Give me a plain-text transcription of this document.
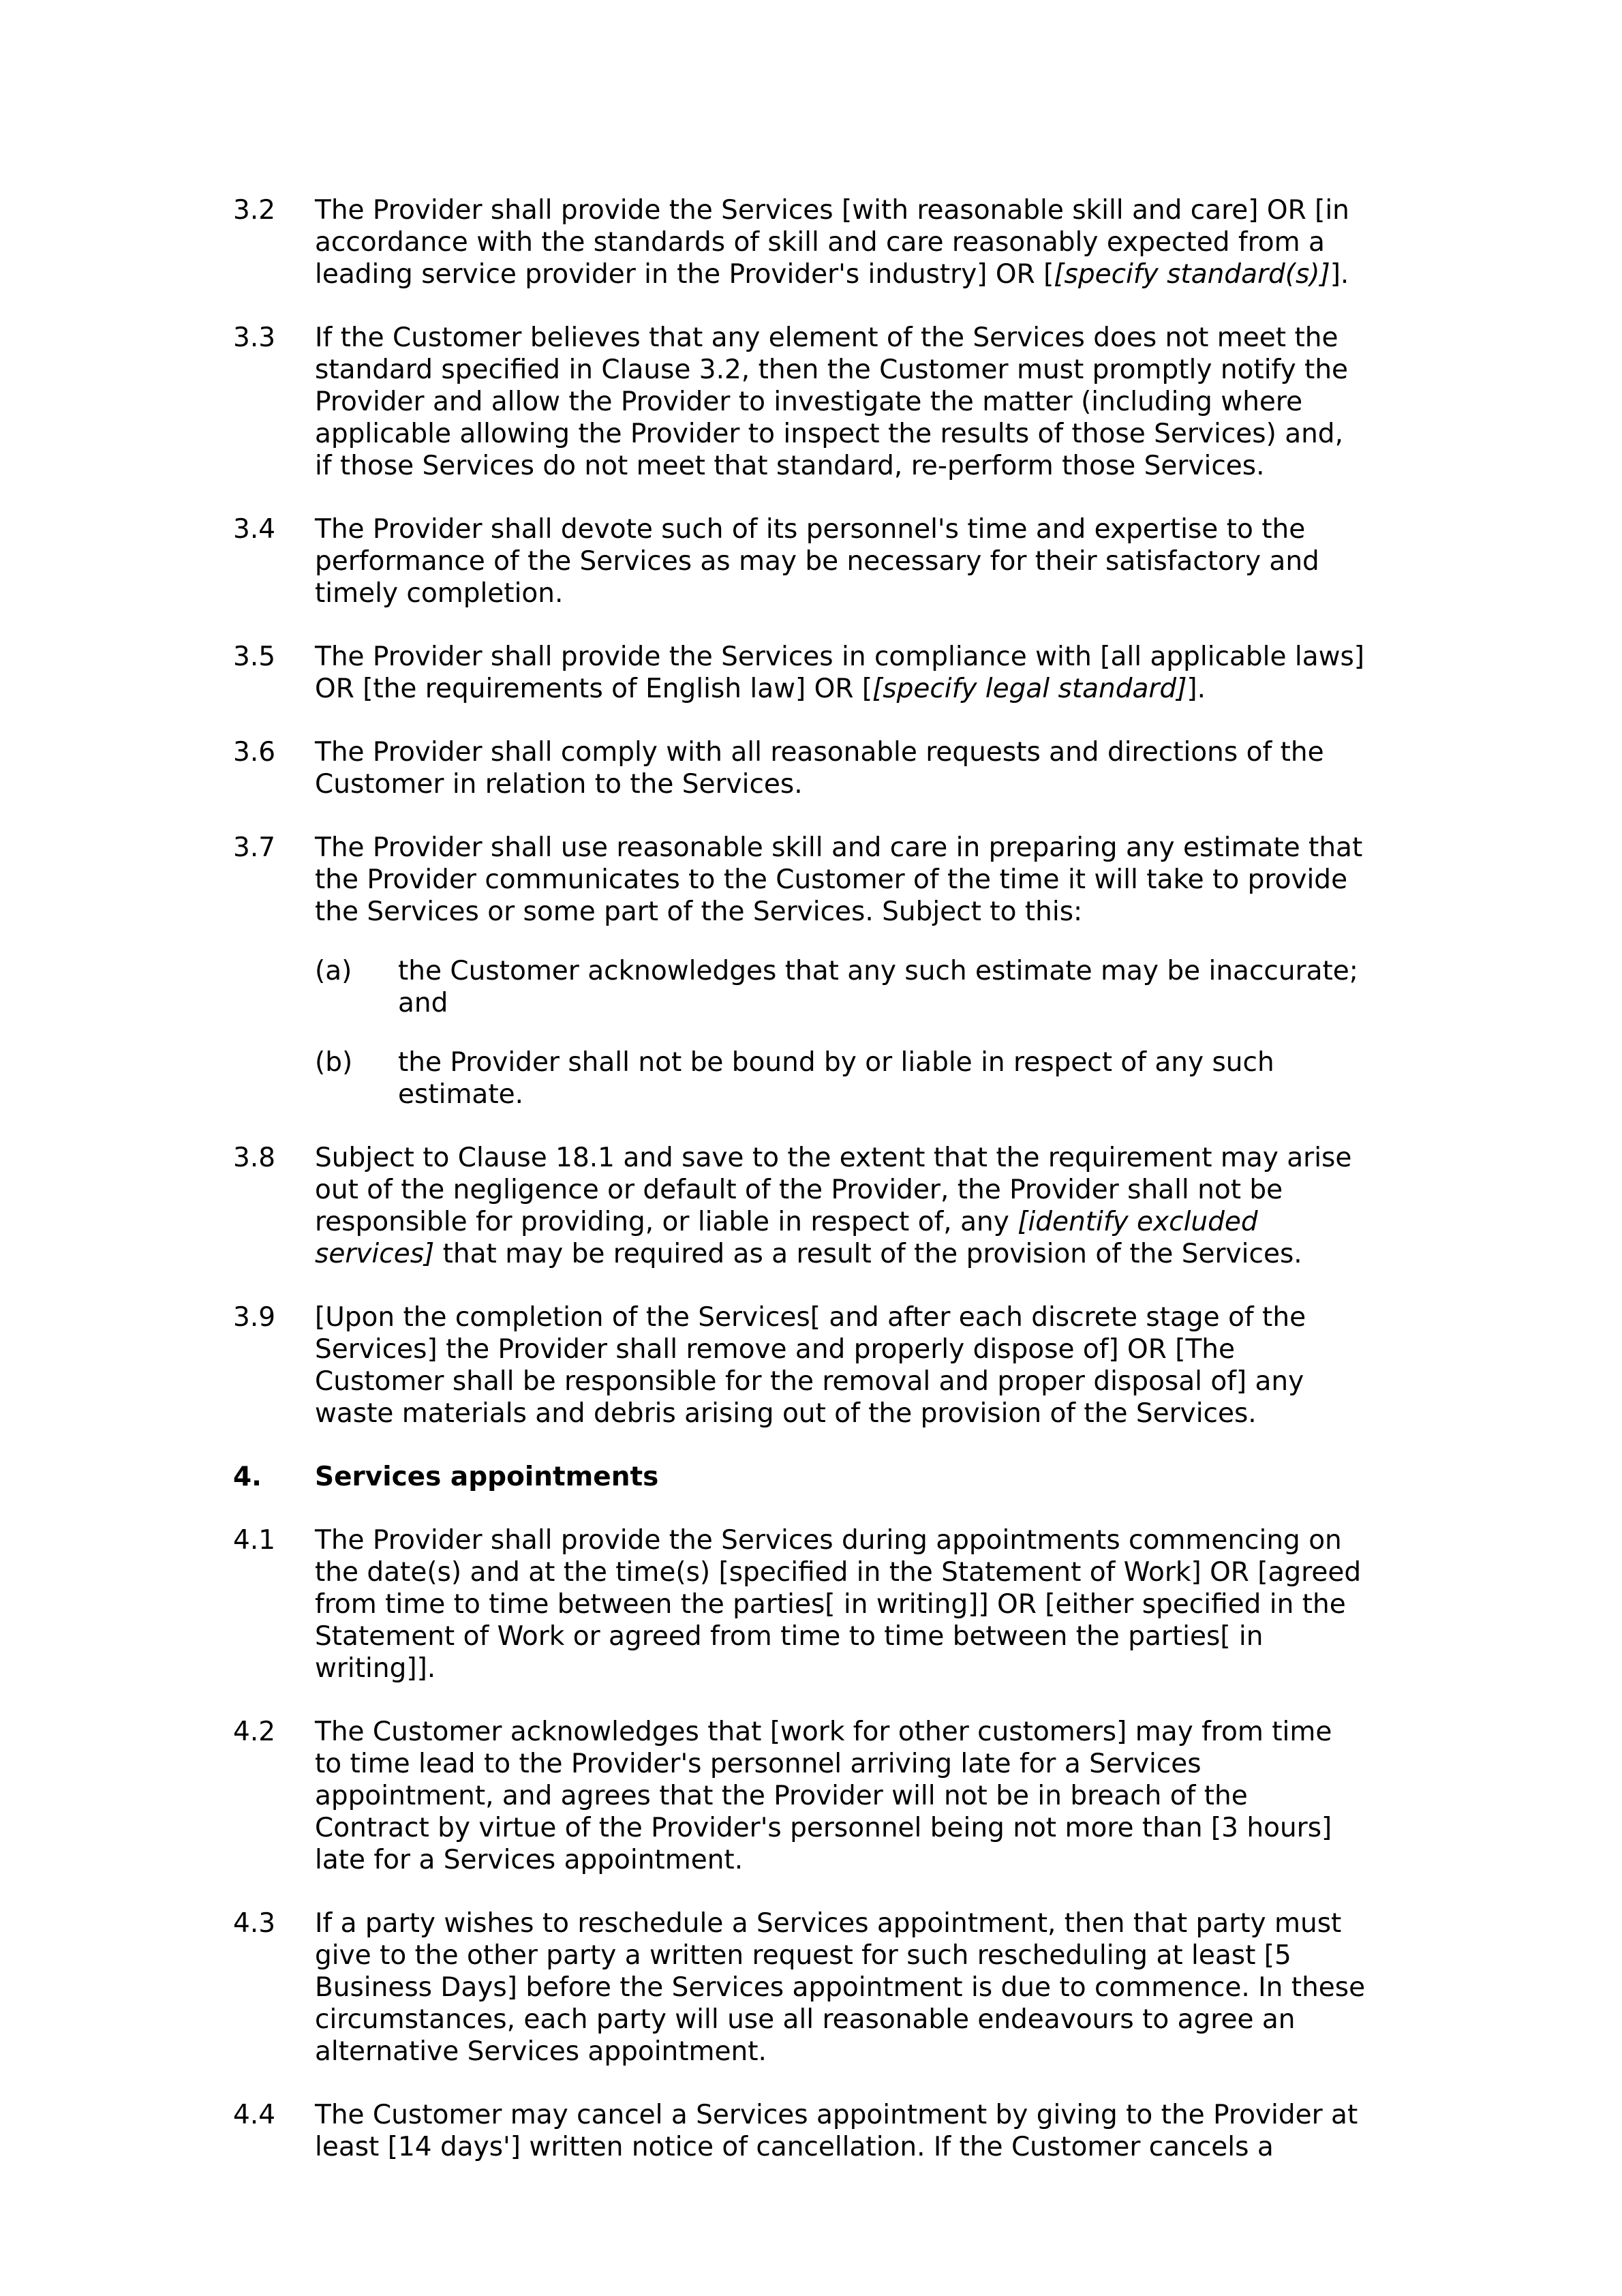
3.2	The Provider shall provide the Services [with reasonable skill and care] OR [in
accordance with the standards of skill and care reasonably expected from a
leading service provider in the Provider's industry] OR [[specify standard(s)]].
3.3	If the Customer believes that any element of the Services does not meet the
standard specified in Clause 3.2, then the Customer must promptly notify the
Provider and allow the Provider to investigate the matter (including where
applicable allowing the Provider to inspect the results of those Services) and,
if those Services do not meet that standard, re-perform those Services.
3.4	The Provider shall devote such of its personnel's time and expertise to the
performance of the Services as may be necessary for their satisfactory and
timely completion.
3.5	The Provider shall provide the Services in compliance with [all applicable laws]
OR [the requirements of English law] OR [[specify legal standard]].
3.6	The Provider shall comply with all reasonable requests and directions of the
Customer in relation to the Services.
3.7	The Provider shall use reasonable skill and care in preparing any estimate that
the Provider communicates to the Customer of the time it will take to provide
the Services or some part of the Services. Subject to this:
(a)	the Customer acknowledges that any such estimate may be inaccurate;
and
(b)	the Provider shall not be bound by or liable in respect of any such
estimate.
3.8	Subject to Clause 18.1 and save to the extent that the requirement may arise
out of the negligence or default of the Provider, the Provider shall not be
responsible for providing, or liable in respect of, any [identify excluded
services] that may be required as a result of the provision of the Services.
3.9	[Upon the completion of the Services[ and after each discrete stage of the
Services] the Provider shall remove and properly dispose of] OR [The
Customer shall be responsible for the removal and proper disposal of] any
waste materials and debris arising out of the provision of the Services.
4.	Services appointments
4.1	The Provider shall provide the Services during appointments commencing on
the date(s) and at the time(s) [specified in the Statement of Work] OR [agreed
from time to time between the parties[ in writing]] OR [either specified in the
Statement of Work or agreed from time to time between the parties[ in
writing]].
4.2	The Customer acknowledges that [work for other customers] may from time
to time lead to the Provider's personnel arriving late for a Services
appointment, and agrees that the Provider will not be in breach of the
Contract by virtue of the Provider's personnel being not more than [3 hours]
late for a Services appointment.
4.3	If a party wishes to reschedule a Services appointment, then that party must
give to the other party a written request for such rescheduling at least [5
Business Days] before the Services appointment is due to commence. In these
circumstances, each party will use all reasonable endeavours to agree an
alternative Services appointment.
4.4	The Customer may cancel a Services appointment by giving to the Provider at
least [14 days'] written notice of cancellation. If the Customer cancels a
